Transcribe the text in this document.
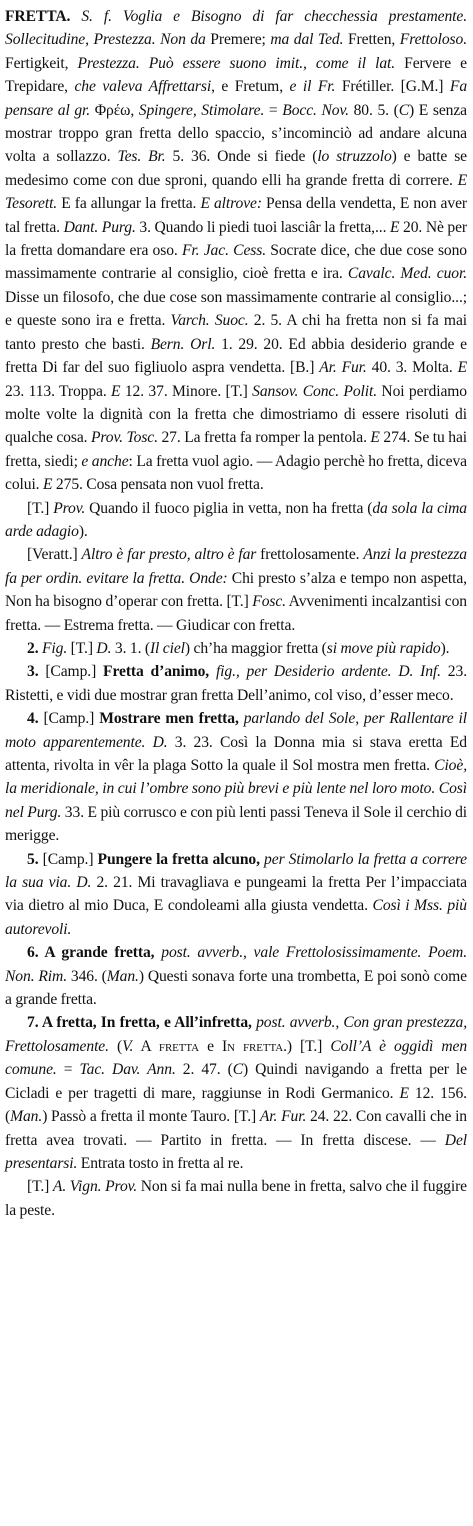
FRETTA. S. f. Voglia e Bisogno di far checchessia prestamente. Sollecitudine, Prestezza. Non da Premere; ma dal Ted. Fretten, Frettoloso. Fertigkeit, Prestezza. Può essere suono imit., come il lat. Fervere e Trepidare, che valeva Affrettarsi, e Fretum, e il Fr. Frétiller. [G.M.] Fa pensare al gr. Φρέω, Spingere, Stimolare. = Bocc. Nov. 80. 5. (C) E senza mostrar troppo gran fretta dello spaccio, s’incominciò ad andare alcuna volta a sollazzo. Tes. Br. 5. 36. Onde si fiede (lo struzzolo) e batte se medesimo come con due sproni, quando elli ha grande fretta di correre. E Tesorett. E fa allungar la fretta. E altrove: Pensa della vendetta, E non aver tal fretta. Dant. Purg. 3. Quando li piedi tuoi lasciâr la fretta,... E 20. Nè per la fretta domandare era oso. Fr. Jac. Cess. Socrate dice, che due cose sono massimamente contrarie al consiglio, cioè fretta e ira. Cavalc. Med. cuor. Disse un filosofo, che due cose son massimamente contrarie al consiglio...; e queste sono ira e fretta. Varch. Suoc. 2. 5. A chi ha fretta non si fa mai tanto presto che basti. Bern. Orl. 1. 29. 20. Ed abbia desiderio grande e fretta Di far del suo figliuolo aspra vendetta. [B.] Ar. Fur. 40. 3. Molta. E 23. 113. Troppa. E 12. 37. Minore. [T.] Sansov. Conc. Polit. Noi perdiamo molte volte la dignità con la fretta che dimostriamo di essere risoluti di qualche cosa. Prov. Tosc. 27. La fretta fa romper la pentola. E 274. Se tu hai fretta, siedi; e anche: La fretta vuol agio. — Adagio perchè ho fretta, diceva colui. E 275. Cosa pensata non vuol fretta.
[T.] Prov. Quando il fuoco piglia in vetta, non ha fretta (da sola la cima arde adagio).
[Veratt.] Altro è far presto, altro è far frettolosamente. Anzi la prestezza fa per ordin. evitare la fretta. Onde: Chi presto s’alza e tempo non aspetta, Non ha bisogno d’operar con fretta. [T.] Fosc. Avvenimenti incalzantisi con fretta. — Estrema fretta. — Giudicar con fretta.
2. Fig. [T.] D. 3. 1. (Il ciel) ch’ha maggior fretta (si move più rapido).
3. [Camp.] Fretta d’animo, fig., per Desiderio ardente. D. Inf. 23. Ristetti, e vidi due mostrar gran fretta Dell’animo, col viso, d’esser meco.
4. [Camp.] Mostrare men fretta, parlando del Sole, per Rallentare il moto apparentemente. D. 3. 23. Così la Donna mia si stava eretta Ed attenta, rivolta in vêr la plaga Sotto la quale il Sol mostra men fretta. Cioè, la meridionale, in cui l’ombre sono più brevi e più lente nel loro moto. Così nel Purg. 33. E più corrusco e con più lenti passi Teneva il Sole il cerchio di merigge.
5. [Camp.] Pungere la fretta alcuno, per Stimolarlo la fretta a correre la sua via. D. 2. 21. Mi travagliava e pungeami la fretta Per l’impacciata via dietro al mio Duca, E condoleami alla giusta vendetta. Così i Mss. più autorevoli.
6. A grande fretta, post. avverb., vale Frettolosissimamente. Poem. Non. Rim. 346. (Man.) Questi sonava forte una trombetta, E poi sonò come a grande fretta.
7. A fretta, In fretta, e All’infretta, post. avverb., Con gran prestezza, Frettolosamente. (V. A fretta e In fretta.) [T.] Coll’A è oggidì men comune. = Tac. Dav. Ann. 2. 47. (C) Quindi navigando a fretta per le Cicladi e per tragetti di mare, raggiunse in Rodi Germanico. E 12. 156. (Man.) Passò a fretta il monte Tauro. [T.] Ar. Fur. 24. 22. Con cavalli che in fretta avea trovati. — Partito in fretta. — In fretta discese. — Del presentarsi. Entrata tosto in fretta al re.
[T.] A. Vign. Prov. Non si fa mai nulla bene in fretta, salvo che il fuggire la peste.
